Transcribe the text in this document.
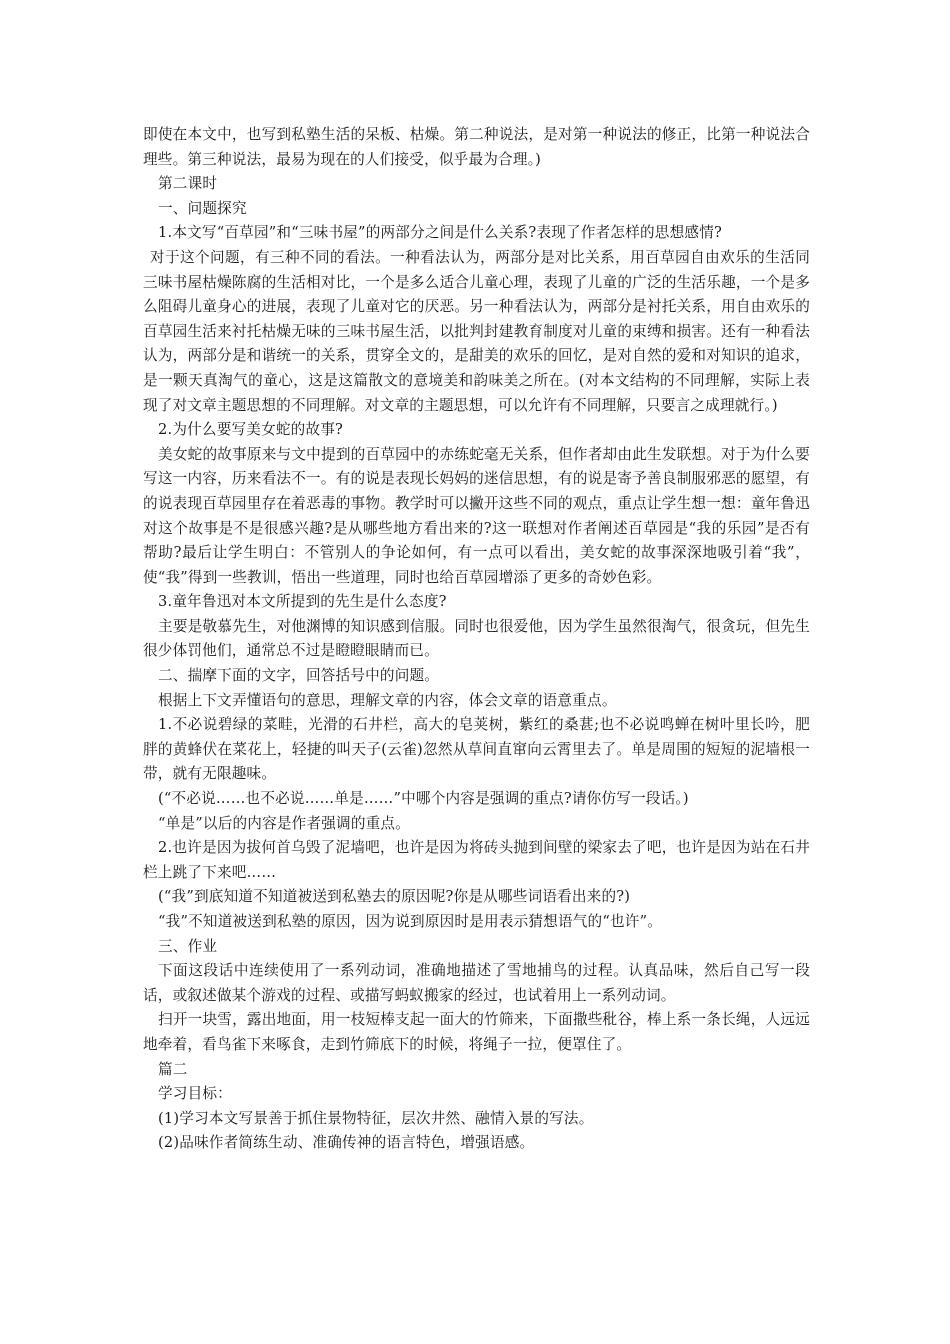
即使在本文中，也写到私塾生活的呆板、枯燥。第二种说法，是对第一种说法的修正，比第一种说法合理些。第三种说法，最易为现在的人们接受，似乎最为合理。)

第二课时

一、问题探究

1.本文写“百草园”和“三味书屋”的两部分之间是什么关系?表现了作者怎样的思想感情?

对于这个问题，有三种不同的看法。一种看法认为，两部分是对比关系，用百草园自由欢乐的生活同三味书屋枯燥陈腐的生活相对比，一个是多么适合儿童心理，表现了儿童的广泛的生活乐趣，一个是多么阻碍儿童身心的进展，表现了儿童对它的厌恶。另一种看法认为，两部分是衬托关系，用自由欢乐的百草园生活来衬托枯燥无味的三味书屋生活，以批判封建教育制度对儿童的束缚和损害。还有一种看法认为，两部分是和谐统一的关系，贯穿全文的，是甜美的欢乐的回忆，是对自然的爱和对知识的追求，是一颗天真淘气的童心，这是这篇散文的意境美和韵味美之所在。(对本文结构的不同理解，实际上表现了对文章主题思想的不同理解。对文章的主题思想，可以允许有不同理解，只要言之成理就行。)

2.为什么要写美女蛇的故事?

美女蛇的故事原来与文中提到的百草园中的赤练蛇毫无关系，但作者却由此生发联想。对于为什么要写这一内容，历来看法不一。有的说是表现长妈妈的迷信思想，有的说是寄予善良制服邪恶的愿望，有的说表现百草园里存在着恶毒的事物。教学时可以撇开这些不同的观点，重点让学生想一想：童年鲁迅对这个故事是不是很感兴趣?是从哪些地方看出来的?这一联想对作者阐述百草园是“我的乐园”是否有帮助?最后让学生明白：不管别人的争论如何，有一点可以看出，美女蛇的故事深深地吸引着“我”，使“我”得到一些教训，悟出一些道理，同时也给百草园增添了更多的奇妙色彩。

3.童年鲁迅对本文所提到的先生是什么态度?

主要是敬慕先生，对他渊博的知识感到信服。同时也很爱他，因为学生虽然很淘气，很贪玩，但先生很少体罚他们，通常总不过是瞪瞪眼睛而已。

二、揣摩下面的文字，回答括号中的问题。

根据上下文弄懂语句的意思，理解文章的内容，体会文章的语意重点。

1.不必说碧绿的菜畦，光滑的石井栏，高大的皂荚树，紫红的桑葚;也不必说鸣蝉在树叶里长吟，肥胖的黄蜂伏在菜花上，轻捷的叫天子(云雀)忽然从草间直窜向云霄里去了。单是周围的短短的泥墙根一带，就有无限趣味。

(“不必说……也不必说……单是……”中哪个内容是强调的重点?请你仿写一段话。)

“单是”以后的内容是作者强调的重点。

2.也许是因为拔何首乌毁了泥墙吧，也许是因为将砖头抛到间壁的梁家去了吧，也许是因为站在石井栏上跳了下来吧……

(“我”到底知道不知道被送到私塾去的原因呢?你是从哪些词语看出来的?)

“我”不知道被送到私塾的原因，因为说到原因时是用表示猜想语气的“也许”。

三、作业

下面这段话中连续使用了一系列动词，准确地描述了雪地捕鸟的过程。认真品味，然后自己写一段话，或叙述做某个游戏的过程、或描写蚂蚁搬家的经过，也试着用上一系列动词。

扫开一块雪，露出地面，用一枝短棒支起一面大的竹筛来，下面撒些秕谷，棒上系一条长绳，人远远地牵着，看鸟雀下来啄食，走到竹筛底下的时候，将绳子一拉，便罩住了。

篇二

学习目标：

(1)学习本文写景善于抓住景物特征，层次井然、融情入景的写法。

(2)品味作者简练生动、准确传神的语言特色，增强语感。
